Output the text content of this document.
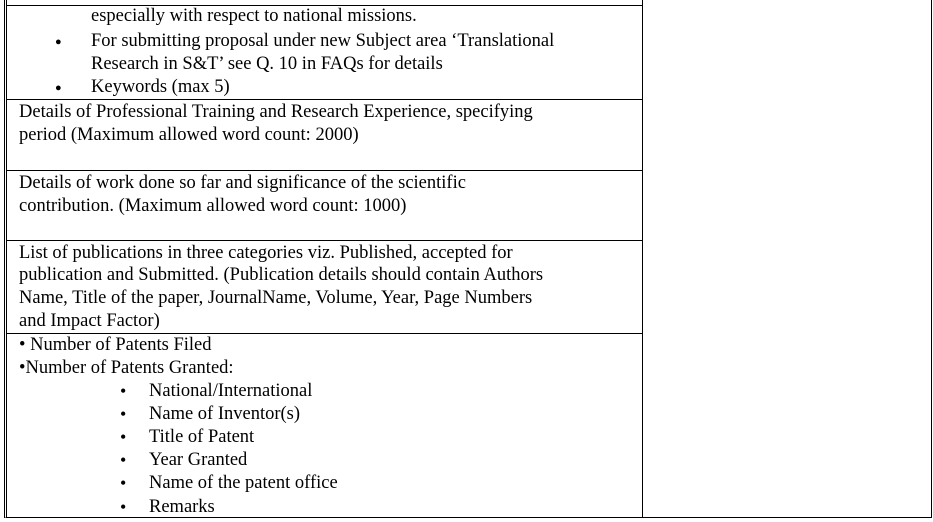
especially with respect to national missions.
● For submitting proposal under new Subject area ‘Translational
Research in S&T’ see Q. 10 in FAQs for details
● Keywords (max 5)
Details of Professional Training and Research Experience, specifying
period (Maximum allowed word count: 2000)
Details of work done so far and significance of the scientific
contribution. (Maximum allowed word count: 1000)
List of publications in three categories viz. Published, accepted for
publication and Submitted. (Publication details should contain Authors
Name, Title of the paper, JournalName, Volume, Year, Page Numbers
and Impact Factor)
• Number of Patents Filed
•Number of Patents Granted:
• National/International
• Name of Inventor(s)
• Title of Patent
• Year Granted
• Name of the patent office
• Remarks
